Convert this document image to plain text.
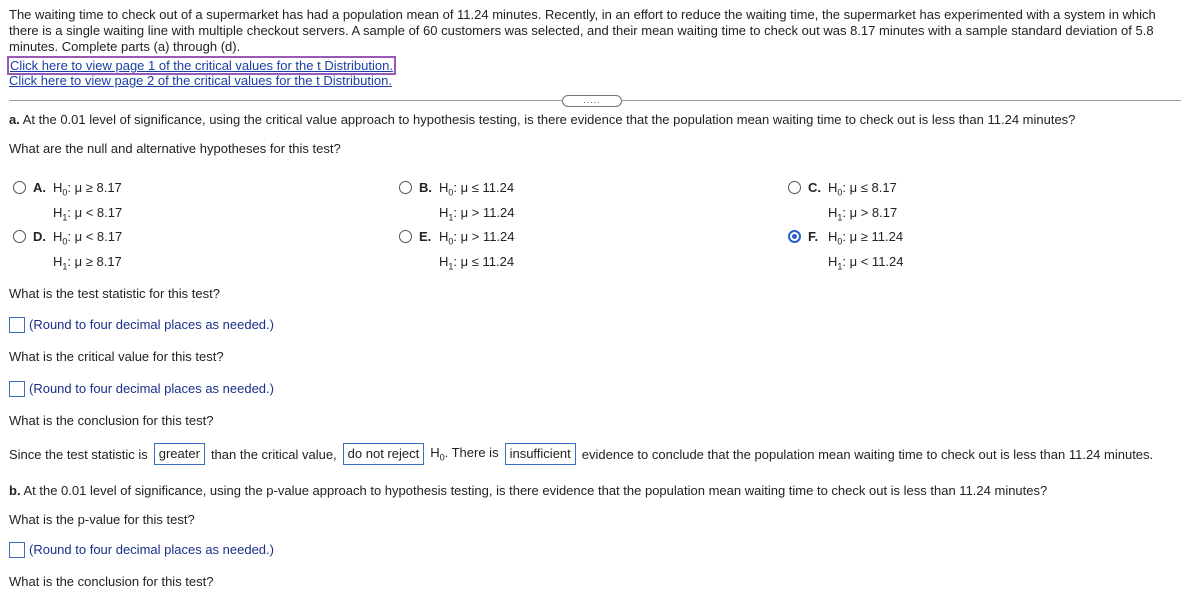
The waiting time to check out of a supermarket has had a population mean of 11.24 minutes. Recently, in an effort to reduce the waiting time, the supermarket has experimented with a system in which there is a single waiting line with multiple checkout servers. A sample of 60 customers was selected, and their mean waiting time to check out was 8.17 minutes with a sample standard deviation of 5.8 minutes. Complete parts (a) through (d).
Click here to view page 1 of the critical values for the t Distribution.
Click here to view page 2 of the critical values for the t Distribution.
.....
a. At the 0.01 level of significance, using the critical value approach to hypothesis testing, is there evidence that the population mean waiting time to check out is less than 11.24 minutes?
What are the null and alternative hypotheses for this test?
A. $H_0$: μ ≥ 8.17
$H_1$: μ < 8.17
B. $H_0$: μ ≤ 11.24
$H_1$: μ > 11.24
C. $H_0$: μ ≤ 8.17
$H_1$: μ > 8.17
D. $H_0$: μ < 8.17
$H_1$: μ ≥ 8.17
E. $H_0$: μ > 11.24
$H_1$: μ ≤ 11.24
F. $H_0$: μ ≥ 11.24
$H_1$: μ < 11.24
What is the test statistic for this test?
(Round to four decimal places as needed.)
What is the critical value for this test?
(Round to four decimal places as needed.)
What is the conclusion for this test?
Since the test statistic is greater than the critical value, do not reject $H_0$. There is insufficient evidence to conclude that the population mean waiting time to check out is less than 11.24 minutes.
b. At the 0.01 level of significance, using the p-value approach to hypothesis testing, is there evidence that the population mean waiting time to check out is less than 11.24 minutes?
What is the p-value for this test?
(Round to four decimal places as needed.)
What is the conclusion for this test?
